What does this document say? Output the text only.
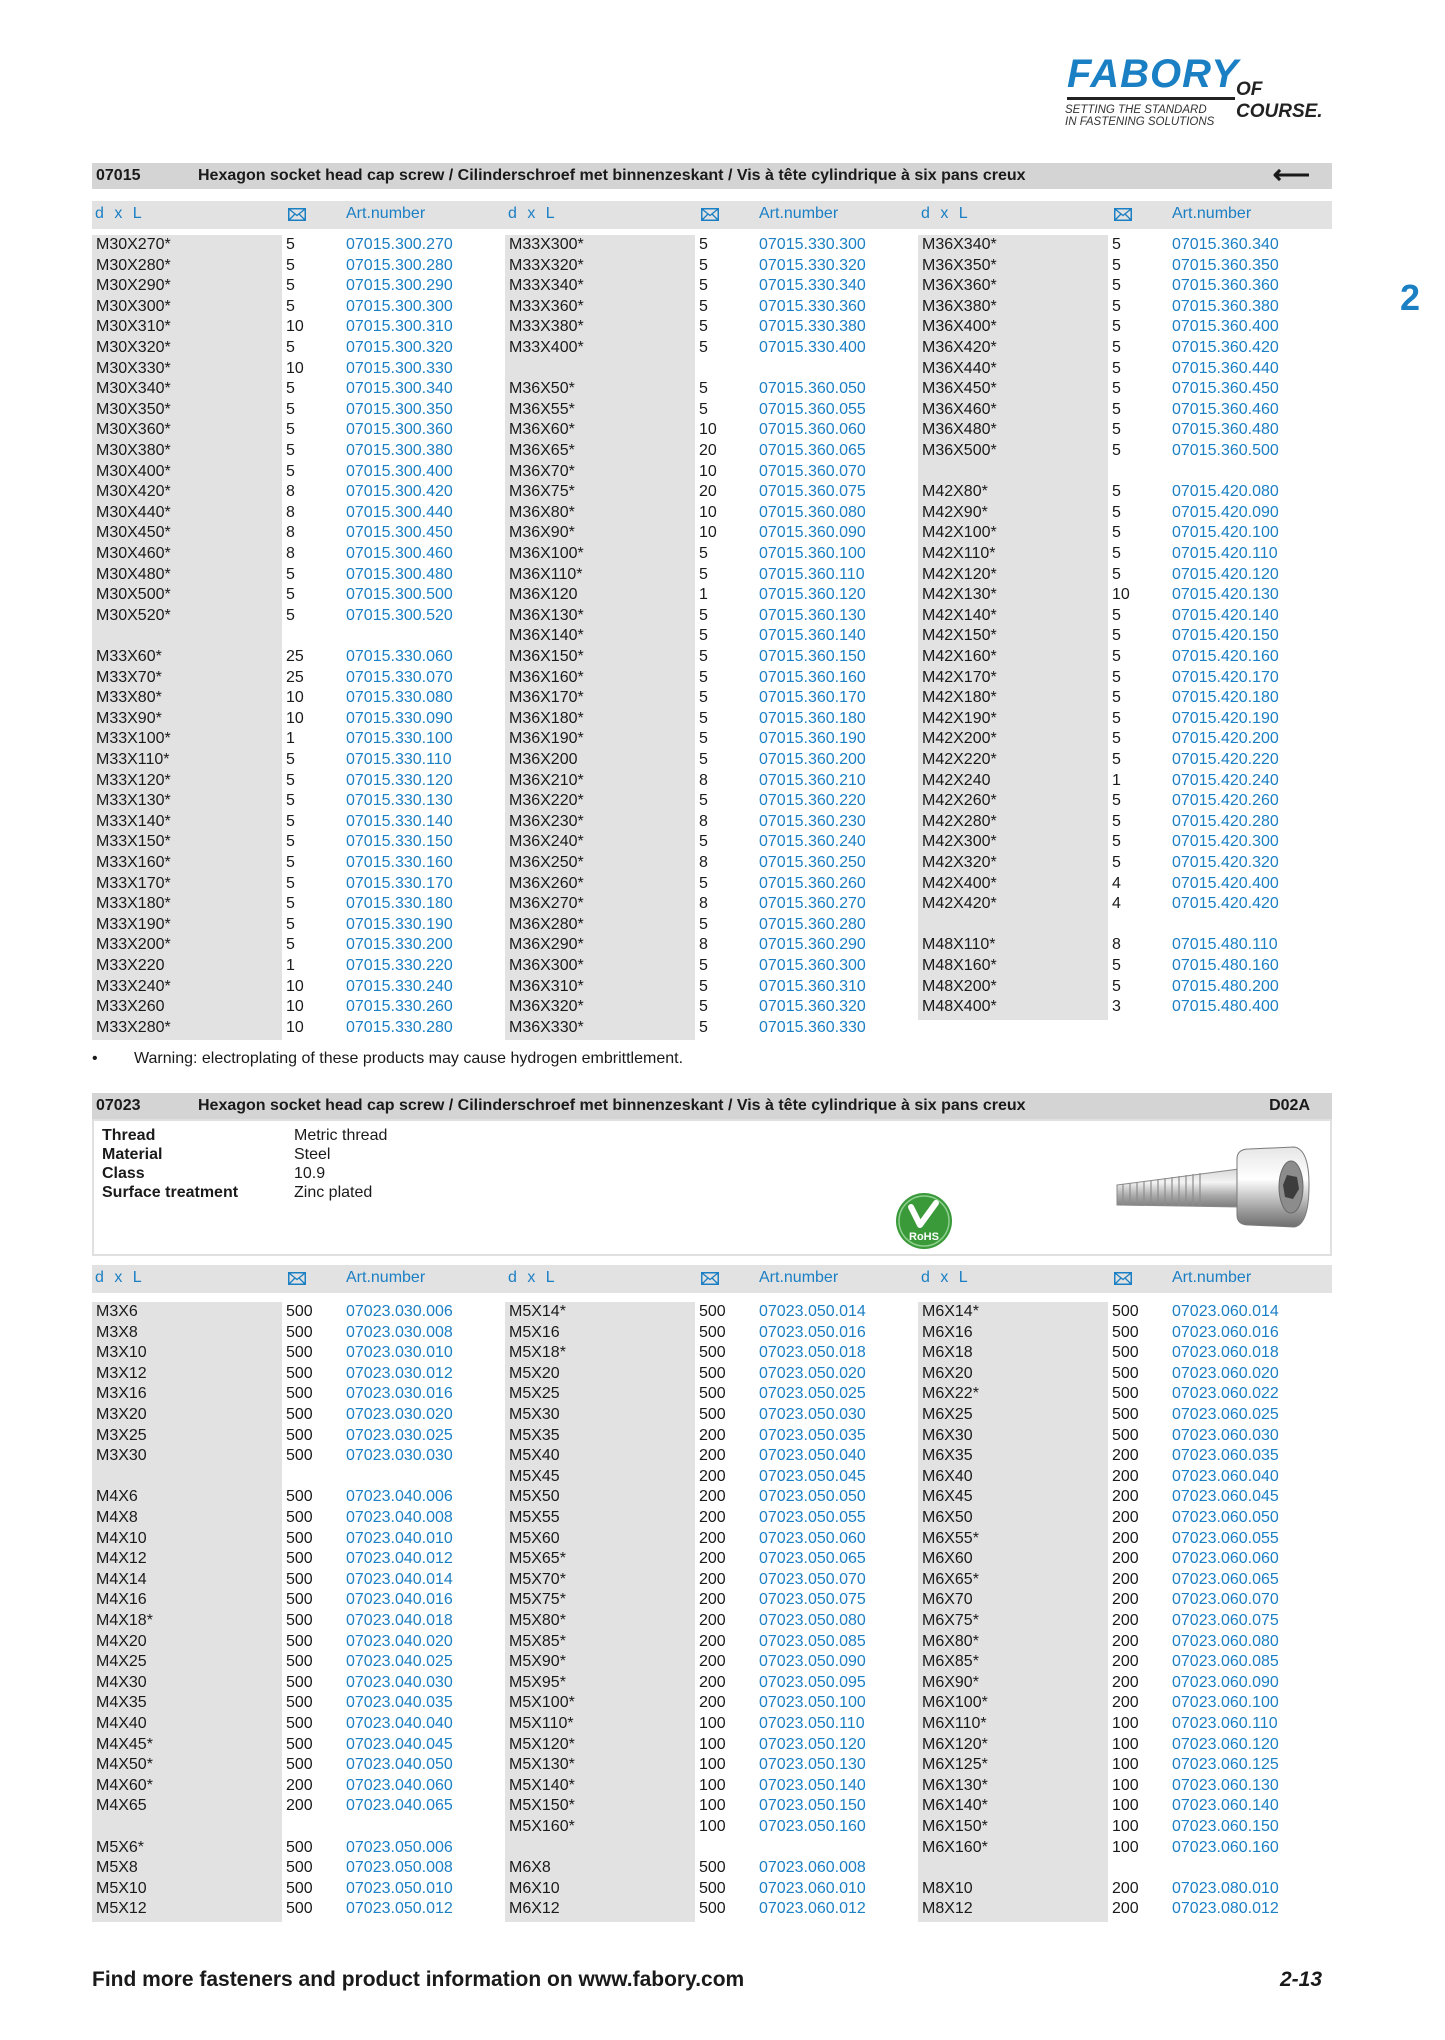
FABORY
OF COURSE.
SETTING THE STANDARD
IN FASTENING SOLUTIONS
2
07015	Hexagon socket head cap screw / Cilinderschroef met binnenzeskant / Vis à tête cylindrique à six pans creux	⟵
d x L	Art.number	d x L	Art.number	d x L	Art.number
M30X270*	5	07015.300.270
M30X280*	5	07015.300.280
M30X290*	5	07015.300.290
M30X300*	5	07015.300.300
M30X310*	10	07015.300.310
M30X320*	5	07015.300.320
M30X330*	10	07015.300.330
M30X340*	5	07015.300.340
M30X350*	5	07015.300.350
M30X360*	5	07015.300.360
M30X380*	5	07015.300.380
M30X400*	5	07015.300.400
M30X420*	8	07015.300.420
M30X440*	8	07015.300.440
M30X450*	8	07015.300.450
M30X460*	8	07015.300.460
M30X480*	5	07015.300.480
M30X500*	5	07015.300.500
M30X520*	5	07015.300.520
M33X60*	25	07015.330.060
M33X70*	25	07015.330.070
M33X80*	10	07015.330.080
M33X90*	10	07015.330.090
M33X100*	1	07015.330.100
M33X110*	5	07015.330.110
M33X120*	5	07015.330.120
M33X130*	5	07015.330.130
M33X140*	5	07015.330.140
M33X150*	5	07015.330.150
M33X160*	5	07015.330.160
M33X170*	5	07015.330.170
M33X180*	5	07015.330.180
M33X190*	5	07015.330.190
M33X200*	5	07015.330.200
M33X220	1	07015.330.220
M33X240*	10	07015.330.240
M33X260	10	07015.330.260
M33X280*	10	07015.330.280
M33X300*	5	07015.330.300
M33X320*	5	07015.330.320
M33X340*	5	07015.330.340
M33X360*	5	07015.330.360
M33X380*	5	07015.330.380
M33X400*	5	07015.330.400
M36X50*	5	07015.360.050
M36X55*	5	07015.360.055
M36X60*	10	07015.360.060
M36X65*	20	07015.360.065
M36X70*	10	07015.360.070
M36X75*	20	07015.360.075
M36X80*	10	07015.360.080
M36X90*	10	07015.360.090
M36X100*	5	07015.360.100
M36X110*	5	07015.360.110
M36X120	1	07015.360.120
M36X130*	5	07015.360.130
M36X140*	5	07015.360.140
M36X150*	5	07015.360.150
M36X160*	5	07015.360.160
M36X170*	5	07015.360.170
M36X180*	5	07015.360.180
M36X190*	5	07015.360.190
M36X200	5	07015.360.200
M36X210*	8	07015.360.210
M36X220*	5	07015.360.220
M36X230*	8	07015.360.230
M36X240*	5	07015.360.240
M36X250*	8	07015.360.250
M36X260*	5	07015.360.260
M36X270*	8	07015.360.270
M36X280*	5	07015.360.280
M36X290*	8	07015.360.290
M36X300*	5	07015.360.300
M36X310*	5	07015.360.310
M36X320*	5	07015.360.320
M36X330*	5	07015.360.330
M36X340*	5	07015.360.340
M36X350*	5	07015.360.350
M36X360*	5	07015.360.360
M36X380*	5	07015.360.380
M36X400*	5	07015.360.400
M36X420*	5	07015.360.420
M36X440*	5	07015.360.440
M36X450*	5	07015.360.450
M36X460*	5	07015.360.460
M36X480*	5	07015.360.480
M36X500*	5	07015.360.500
M42X80*	5	07015.420.080
M42X90*	5	07015.420.090
M42X100*	5	07015.420.100
M42X110*	5	07015.420.110
M42X120*	5	07015.420.120
M42X130*	10	07015.420.130
M42X140*	5	07015.420.140
M42X150*	5	07015.420.150
M42X160*	5	07015.420.160
M42X170*	5	07015.420.170
M42X180*	5	07015.420.180
M42X190*	5	07015.420.190
M42X200*	5	07015.420.200
M42X220*	5	07015.420.220
M42X240	1	07015.420.240
M42X260*	5	07015.420.260
M42X280*	5	07015.420.280
M42X300*	5	07015.420.300
M42X320*	5	07015.420.320
M42X400*	4	07015.420.400
M42X420*	4	07015.420.420
M48X110*	8	07015.480.110
M48X160*	5	07015.480.160
M48X200*	5	07015.480.200
M48X400*	3	07015.480.400
• Warning: electroplating of these products may cause hydrogen embrittlement.
07023	Hexagon socket head cap screw / Cilinderschroef met binnenzeskant / Vis à tête cylindrique à six pans creux	D02A
Thread	Metric thread
Material	Steel
Class	10.9
Surface treatment	Zinc plated
RoHS
d x L	Art.number	d x L	Art.number	d x L	Art.number
M3X6	500 07023.030.006
M3X8	500 07023.030.008
M3X10	500 07023.030.010
M3X12	500 07023.030.012
M3X16	500 07023.030.016
M3X20	500 07023.030.020
M3X25	500 07023.030.025
M3X30	500 07023.030.030
M4X6	500 07023.040.006
M4X8	500 07023.040.008
M4X10	500 07023.040.010
M4X12	500 07023.040.012
M4X14	500 07023.040.014
M4X16	500 07023.040.016
M4X18*	500 07023.040.018
M4X20	500 07023.040.020
M4X25	500 07023.040.025
M4X30	500 07023.040.030
M4X35	500 07023.040.035
M4X40	500 07023.040.040
M4X45*	500 07023.040.045
M4X50*	500 07023.040.050
M4X60*	200 07023.040.060
M4X65	200 07023.040.065
M5X6*	500 07023.050.006
M5X8	500 07023.050.008
M5X10	500 07023.050.010
M5X12	500 07023.050.012
M5X14*	500 07023.050.014
M5X16	500 07023.050.016
M5X18*	500 07023.050.018
M5X20	500 07023.050.020
M5X25	500 07023.050.025
M5X30	500 07023.050.030
M5X35	200 07023.050.035
M5X40	200 07023.050.040
M5X45	200 07023.050.045
M5X50	200 07023.050.050
M5X55	200 07023.050.055
M5X60	200 07023.050.060
M5X65*	200 07023.050.065
M5X70*	200 07023.050.070
M5X75*	200 07023.050.075
M5X80*	200 07023.050.080
M5X85*	200 07023.050.085
M5X90*	200 07023.050.090
M5X95*	200 07023.050.095
M5X100*	200 07023.050.100
M5X110*	100 07023.050.110
M5X120*	100 07023.050.120
M5X130*	100 07023.050.130
M5X140*	100 07023.050.140
M5X150*	100 07023.050.150
M5X160*	100 07023.050.160
M6X8	500 07023.060.008
M6X10	500 07023.060.010
M6X12	500 07023.060.012
M6X14*	500 07023.060.014
M6X16	500 07023.060.016
M6X18	500 07023.060.018
M6X20	500 07023.060.020
M6X22*	500 07023.060.022
M6X25	500 07023.060.025
M6X30	500 07023.060.030
M6X35	200 07023.060.035
M6X40	200 07023.060.040
M6X45	200 07023.060.045
M6X50	200 07023.060.050
M6X55*	200 07023.060.055
M6X60	200 07023.060.060
M6X65*	200 07023.060.065
M6X70	200 07023.060.070
M6X75*	200 07023.060.075
M6X80*	200 07023.060.080
M6X85*	200 07023.060.085
M6X90*	200 07023.060.090
M6X100*	200 07023.060.100
M6X110*	100 07023.060.110
M6X120*	100 07023.060.120
M6X125*	100 07023.060.125
M6X130*	100 07023.060.130
M6X140*	100 07023.060.140
M6X150*	100 07023.060.150
M6X160*	100 07023.060.160
M8X10	200 07023.080.010
M8X12	200 07023.080.012
Find more fasteners and product information on www.fabory.com	2-13
